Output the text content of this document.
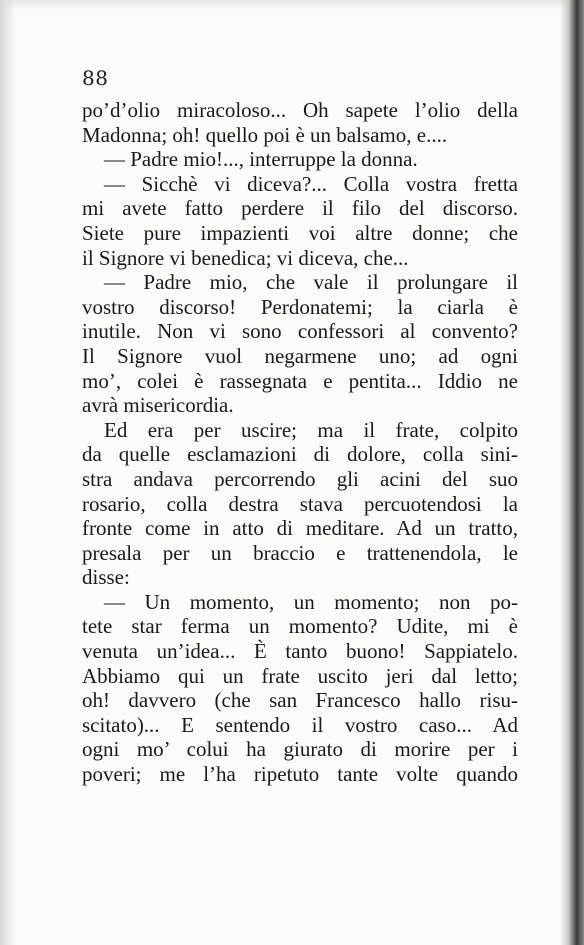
88
po’d’olio miracoloso... Oh sapete l’olio della
Madonna; oh! quello poi è un balsamo, e....
— Padre mio!..., interruppe la donna.
— Sicchè vi diceva?... Colla vostra fretta
mi avete fatto perdere il filo del discorso.
Siete pure impazienti voi altre donne; che
il Signore vi benedica; vi diceva, che...
— Padre mio, che vale il prolungare il
vostro discorso! Perdonatemi; la ciarla è
inutile. Non vi sono confessori al convento?
Il Signore vuol negarmene uno; ad ogni
mo’, colei è rassegnata e pentita... Iddio ne
avrà misericordia.
Ed era per uscire; ma il frate, colpito
da quelle esclamazioni di dolore, colla sini-
stra andava percorrendo gli acini del suo
rosario, colla destra stava percuotendosi la
fronte come in atto di meditare. Ad un tratto,
presala per un braccio e trattenendola, le
disse:
— Un momento, un momento; non po-
tete star ferma un momento? Udite, mi è
venuta un’idea... È tanto buono! Sappiatelo.
Abbiamo qui un frate uscito jeri dal letto;
oh! davvero (che san Francesco hallo risu-
scitato)... E sentendo il vostro caso... Ad
ogni mo’ colui ha giurato di morire per i
poveri; me l’ha ripetuto tante volte quando
